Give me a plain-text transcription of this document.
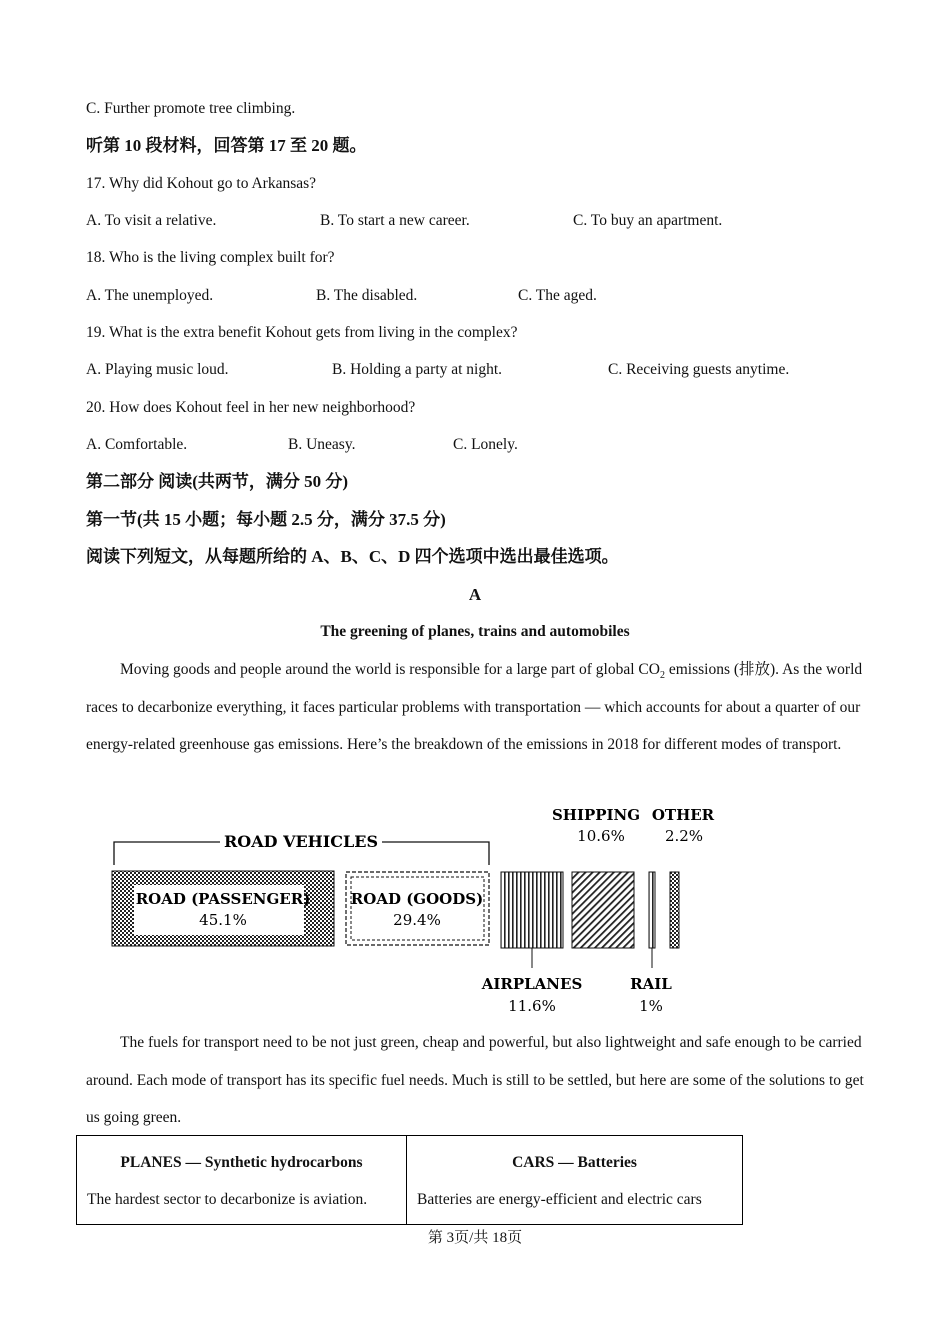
C. Further promote tree climbing.
听第 10 段材料，回答第 17 至 20 题。
17. Why did Kohout go to Arkansas?
A. To visit a relative.	B. To start a new career.	C. To buy an apartment.
18. Who is the living complex built for?
A. The unemployed.	B. The disabled.	C. The aged.
19. What is the extra benefit Kohout gets from living in the complex?
A. Playing music loud.	B. Holding a party at night.	C. Receiving guests anytime.
20. How does Kohout feel in her new neighborhood?
A. Comfortable.	B. Uneasy.	C. Lonely.
第二部分 阅读(共两节，满分 50 分)
第一节(共 15 小题；每小题 2.5 分，满分 37.5 分)
阅读下列短文，从每题所给的 A、B、C、D 四个选项中选出最佳选项。
A
The greening of planes, trains and automobiles
Moving goods and people around the world is responsible for a large part of global $CO_2$ emissions (排放). As the world races to decarbonize everything, it faces particular problems with transportation — which accounts for about a quarter of our energy-related greenhouse gas emissions. Here’s the breakdown of the emissions in 2018 for different modes of transport.
ROAD VEHICLES
ROAD (PASSENGER)
45.1%
ROAD (GOODS)
29.4%
AIRPLANES
11.6%
SHIPPING
10.6%
RAIL
1%
OTHER
2.2%
The fuels for transport need to be not just green, cheap and powerful, but also lightweight and safe enough to be carried around. Each mode of transport has its specific fuel needs. Much is still to be settled, but here are some of the solutions to get us going green.
PLANES — Synthetic hydrocarbons
The hardest sector to decarbonize is aviation.
CARS — Batteries
Batteries are energy-efficient and electric cars
第 3页/共 18页
